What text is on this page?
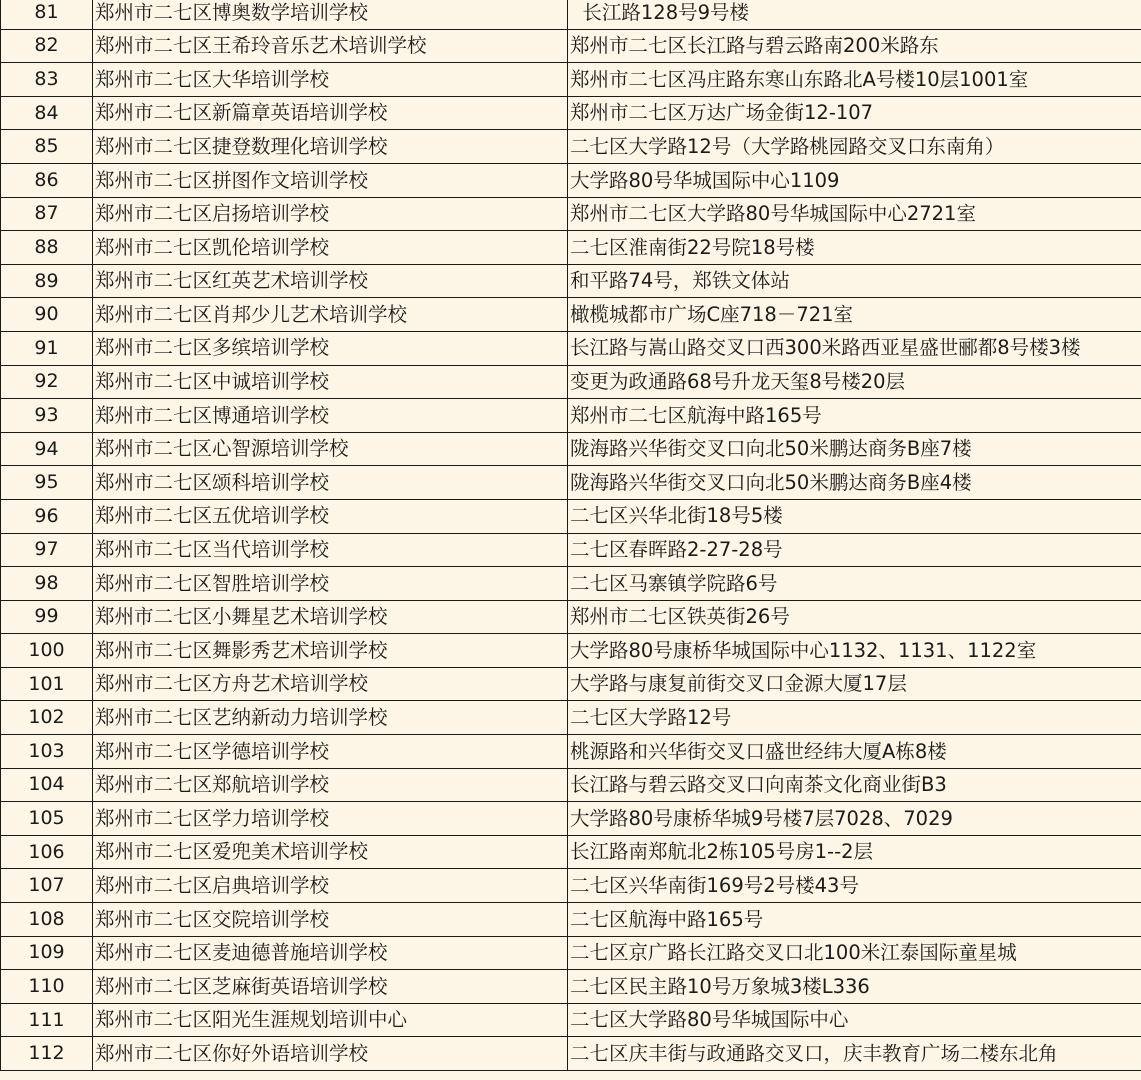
81	郑州市二七区博奥数学培训学校	长江路128号9号楼
82	郑州市二七区王希玲音乐艺术培训学校	郑州市二七区长江路与碧云路南200米路东
83	郑州市二七区大华培训学校	郑州市二七区冯庄路东寒山东路北A号楼10层1001室
84	郑州市二七区新篇章英语培训学校	郑州市二七区万达广场金街12-107
85	郑州市二七区捷登数理化培训学校	二七区大学路12号（大学路桃园路交叉口东南角）
86	郑州市二七区拼图作文培训学校	大学路80号华城国际中心1109
87	郑州市二七区启扬培训学校	郑州市二七区大学路80号华城国际中心2721室
88	郑州市二七区凯伦培训学校	二七区淮南街22号院18号楼
89	郑州市二七区红英艺术培训学校	和平路74号，郑铁文体站
90	郑州市二七区肖邦少儿艺术培训学校	橄榄城都市广场C座718－721室
91	郑州市二七区多缤培训学校	长江路与嵩山路交叉口西300米路西亚星盛世郦都8号楼3楼
92	郑州市二七区中诚培训学校	变更为政通路68号升龙天玺8号楼20层
93	郑州市二七区博通培训学校	郑州市二七区航海中路165号
94	郑州市二七区心智源培训学校	陇海路兴华街交叉口向北50米鹏达商务B座7楼
95	郑州市二七区颂科培训学校	陇海路兴华街交叉口向北50米鹏达商务B座4楼
96	郑州市二七区五优培训学校	二七区兴华北街18号5楼
97	郑州市二七区当代培训学校	二七区春晖路2-27-28号
98	郑州市二七区智胜培训学校	二七区马寨镇学院路6号
99	郑州市二七区小舞星艺术培训学校	郑州市二七区铁英街26号
100	郑州市二七区舞影秀艺术培训学校	大学路80号康桥华城国际中心1132、1131、1122室
101	郑州市二七区方舟艺术培训学校	大学路与康复前街交叉口金源大厦17层
102	郑州市二七区艺纳新动力培训学校	二七区大学路12号
103	郑州市二七区学德培训学校	桃源路和兴华街交叉口盛世经纬大厦A栋8楼
104	郑州市二七区郑航培训学校	长江路与碧云路交叉口向南茶文化商业街B3
105	郑州市二七区学力培训学校	大学路80号康桥华城9号楼7层7028、7029
106	郑州市二七区爱兜美术培训学校	长江路南郑航北2栋105号房1--2层
107	郑州市二七区启典培训学校	二七区兴华南街169号2号楼43号
108	郑州市二七区交院培训学校	二七区航海中路165号
109	郑州市二七区麦迪德普施培训学校	二七区京广路长江路交叉口北100米江泰国际童星城
110	郑州市二七区芝麻街英语培训学校	二七区民主路10号万象城3楼L336
111	郑州市二七区阳光生涯规划培训中心	二七区大学路80号华城国际中心
112	郑州市二七区你好外语培训学校	二七区庆丰街与政通路交叉口，庆丰教育广场二楼东北角
